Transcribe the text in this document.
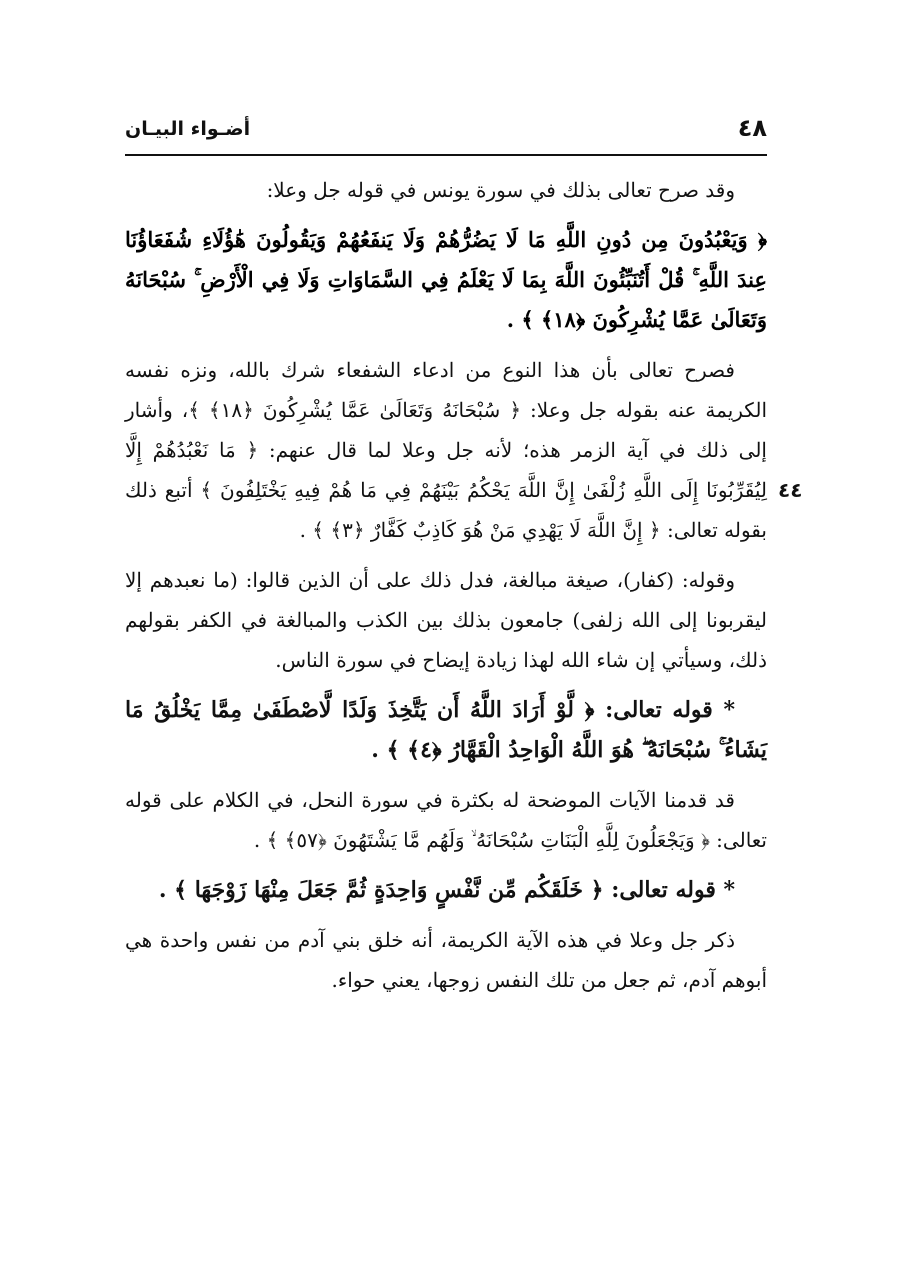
٤٨
أضـواء البيـان
٤٤

وقد صرح تعالى بذلك في سورة يونس في قوله جل وعلا:

﴿ وَيَعْبُدُونَ مِن دُونِ اللَّهِ مَا لَا يَضُرُّهُمْ وَلَا يَنفَعُهُمْ وَيَقُولُونَ هَٰؤُلَاءِ شُفَعَاؤُنَا عِندَ اللَّهِ ۚ قُلْ أَتُنَبِّئُونَ اللَّهَ بِمَا لَا يَعْلَمُ فِي السَّمَاوَاتِ وَلَا فِي الْأَرْضِ ۚ سُبْحَانَهُ وَتَعَالَىٰ عَمَّا يُشْرِكُونَ ﴿١٨﴾ ﴾ .

فصرح تعالى بأن هذا النوع من ادعاء الشفعاء شرك بالله، ونزه نفسه الكريمة عنه بقوله جل وعلا: ﴿ سُبْحَانَهُ وَتَعَالَىٰ عَمَّا يُشْرِكُونَ ﴿١٨﴾ ﴾، وأشار إلى ذلك في آية الزمر هذه؛ لأنه جل وعلا لما قال عنهم: ﴿ مَا نَعْبُدُهُمْ إِلَّا لِيُقَرِّبُونَا إِلَى اللَّهِ زُلْفَىٰ إِنَّ اللَّهَ يَحْكُمُ بَيْنَهُمْ فِي مَا هُمْ فِيهِ يَخْتَلِفُونَ ﴾ أتبع ذلك بقوله تعالى: ﴿ إِنَّ اللَّهَ لَا يَهْدِي مَنْ هُوَ كَاذِبٌ كَفَّارٌ ﴿٣﴾ ﴾ .

وقوله: (كفار)، صيغة مبالغة، فدل ذلك على أن الذين قالوا: (ما نعبدهم إلا ليقربونا إلى الله زلفى) جامعون بذلك بين الكذب والمبالغة في الكفر بقولهم ذلك، وسيأتي إن شاء الله لهذا زيادة إيضاح في سورة الناس.

* قوله تعالى: ﴿ لَّوْ أَرَادَ اللَّهُ أَن يَتَّخِذَ وَلَدًا لَّاصْطَفَىٰ مِمَّا يَخْلُقُ مَا يَشَاءُ ۚ سُبْحَانَهُ ۖ هُوَ اللَّهُ الْوَاحِدُ الْقَهَّارُ ﴿٤﴾ ﴾ .

قد قدمنا الآيات الموضحة له بكثرة في سورة النحل، في الكلام على قوله تعالى: ﴿ وَيَجْعَلُونَ لِلَّهِ الْبَنَاتِ سُبْحَانَهُ ۙ وَلَهُم مَّا يَشْتَهُونَ ﴿٥٧﴾ ﴾ .

* قوله تعالى: ﴿ خَلَقَكُم مِّن نَّفْسٍ وَاحِدَةٍ ثُمَّ جَعَلَ مِنْهَا زَوْجَهَا ﴾ .

ذكر جل وعلا في هذه الآية الكريمة، أنه خلق بني آدم من نفس واحدة هي أبوهم آدم، ثم جعل من تلك النفس زوجها، يعني حواء.
